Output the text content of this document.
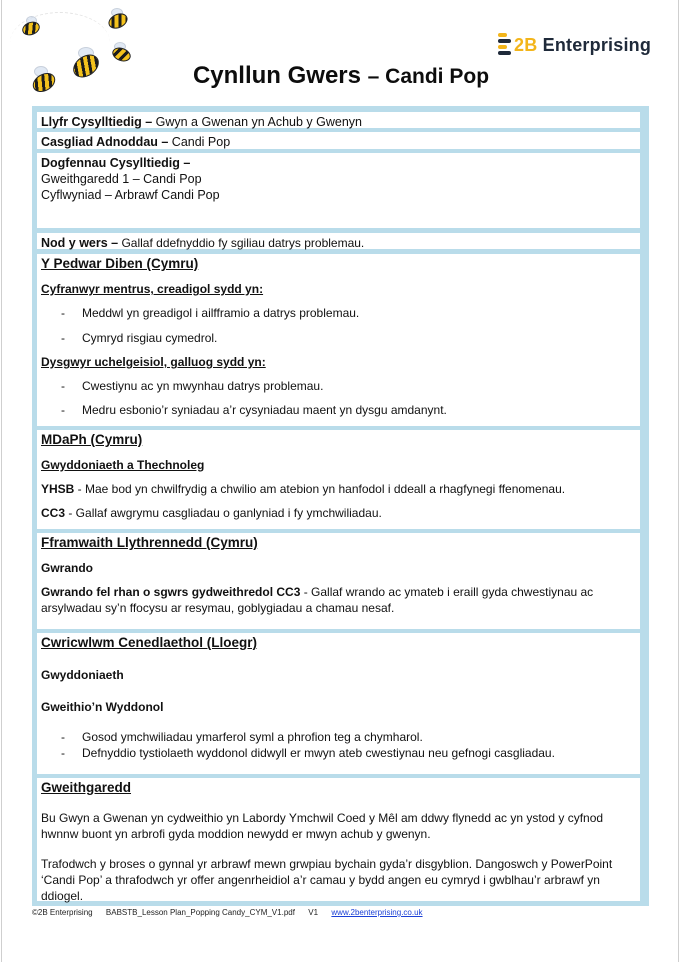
2B Enterprising
Cynllun Gwers – Candi Pop
Llyfr Cysylltiedig – Gwyn a Gwenan yn Achub y Gwenyn
Casgliad Adnoddau – Candi Pop

Dogfennau Cysylltiedig –

Gweithgaredd 1 – Candi Pop

Cyflwyniad – Arbrawf Candi Pop

Nod y wers – Gallaf ddefnyddio fy sgiliau datrys problemau.

Y Pedwar Diben (Cymru)

Cyfranwyr mentrus, creadigol sydd yn:

- Meddwl yn greadigol i ailfframio a datrys problemau.

- Cymryd risgiau cymedrol.

Dysgwyr uchelgeisiol, galluog sydd yn:

- Cwestiynu ac yn mwynhau datrys problemau.

- Medru esbonio’r syniadau a’r cysyniadau maent yn dysgu amdanynt.

MDaPh (Cymru)

Gwyddoniaeth a Thechnoleg

YHSB - Mae bod yn chwilfrydig a chwilio am atebion yn hanfodol i ddeall a rhagfynegi ffenomenau.

CC3 - Gallaf awgrymu casgliadau o ganlyniad i fy ymchwiliadau.

Fframwaith Llythrennedd (Cymru)

Gwrando

Gwrando fel rhan o sgwrs gydweithredol CC3 - Gallaf wrando ac ymateb i eraill gyda chwestiynau ac arsylwadau sy’n ffocysu ar resymau, goblygiadau a chamau nesaf.

Cwricwlwm Cenedlaethol (Lloegr)

Gwyddoniaeth

Gweithio’n Wyddonol

- Gosod ymchwiliadau ymarferol syml a phrofion teg a chymharol.

- Defnyddio tystiolaeth wyddonol didwyll er mwyn ateb cwestiynau neu gefnogi casgliadau.

Gweithgaredd

Bu Gwyn a Gwenan yn cydweithio yn Labordy Ymchwil Coed y Mêl am ddwy flynedd ac yn ystod y cyfnod hwnnw buont yn arbrofi gyda moddion newydd er mwyn achub y gwenyn.

Trafodwch y broses o gynnal yr arbrawf mewn grwpiau bychain gyda’r disgyblion. Dangoswch y PowerPoint ‘Candi Pop’ a thrafodwch yr offer angenrheidiol a’r camau y bydd angen eu cymryd i gwblhau’r arbrawf yn ddiogel.

©2B Enterprising      BABSTB_Lesson Plan_Popping Candy_CYM_V1.pdf      V1      www.2benterprising.co.uk
